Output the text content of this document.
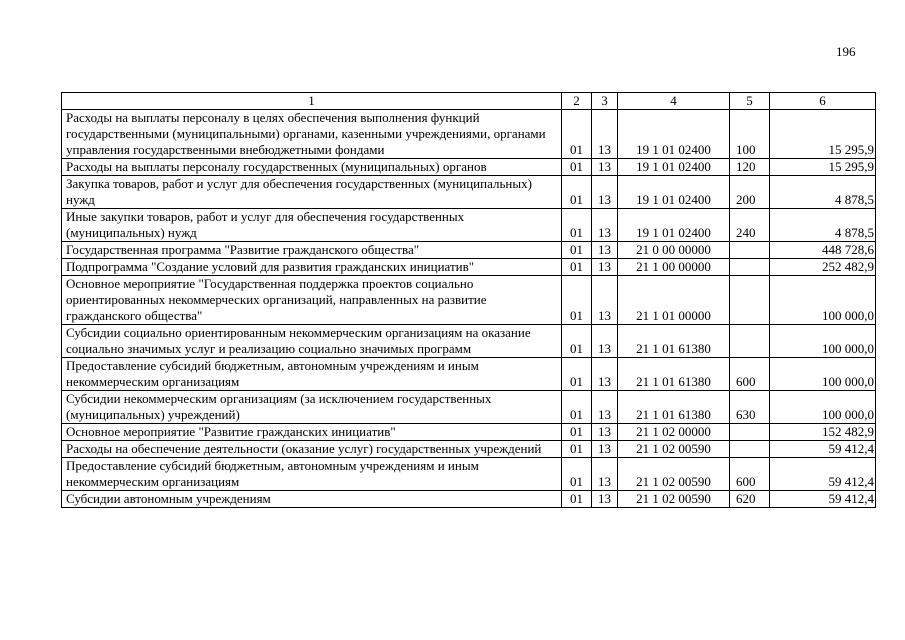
196
1	2	3	4	5	6
Расходы на выплаты персоналу в целях обеспечения выполнения функций государственными (муниципальными) органами, казенными учреждениями, органами управления государственными внебюджетными фондами	01	13	19 1 01 02400	100	15 295,9
Расходы на выплаты персоналу государственных (муниципальных) органов	01	13	19 1 01 02400	120	15 295,9
Закупка товаров, работ и услуг для обеспечения государственных (муниципальных) нужд	01	13	19 1 01 02400	200	4 878,5
Иные закупки товаров, работ и услуг для обеспечения государственных (муниципальных) нужд	01	13	19 1 01 02400	240	4 878,5
Государственная программа "Развитие гражданского общества"	01	13	21 0 00 00000		448 728,6
Подпрограмма "Создание условий для развития гражданских инициатив"	01	13	21 1 00 00000		252 482,9
Основное мероприятие "Государственная поддержка проектов социально ориентированных некоммерческих организаций, направленных на развитие гражданского общества"	01	13	21 1 01 00000		100 000,0
Субсидии социально ориентированным некоммерческим организациям на оказание социально значимых услуг и реализацию социально значимых программ	01	13	21 1 01 61380		100 000,0
Предоставление субсидий бюджетным, автономным учреждениям и иным некоммерческим организациям	01	13	21 1 01 61380	600	100 000,0
Субсидии некоммерческим организациям (за исключением государственных (муниципальных) учреждений)	01	13	21 1 01 61380	630	100 000,0
Основное мероприятие "Развитие гражданских инициатив"	01	13	21 1 02 00000		152 482,9
Расходы на обеспечение деятельности (оказание услуг) государственных учреждений	01	13	21 1 02 00590		59 412,4
Предоставление субсидий бюджетным, автономным учреждениям и иным некоммерческим организациям	01	13	21 1 02 00590	600	59 412,4
Субсидии автономным учреждениям	01	13	21 1 02 00590	620	59 412,4
